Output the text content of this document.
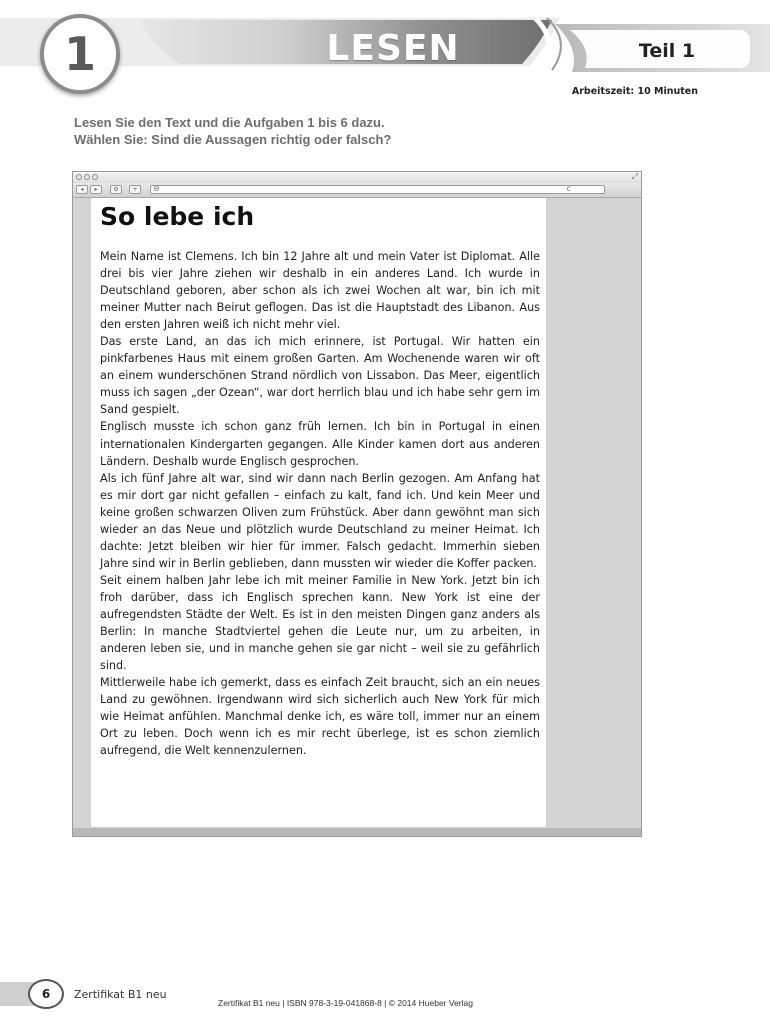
1	LESEN	Teil 1
Arbeitszeit: 10 Minuten
Lesen Sie den Text und die Aufgaben 1 bis 6 dazu.
Wählen Sie: Sind die Aussagen richtig oder falsch?
⤢
◂	▸	⚙	+	⊖	c
So lebe ich

Mein Name ist Clemens. Ich bin 12 Jahre alt und mein Vater ist Diplomat. Alle drei bis vier Jahre ziehen wir deshalb in ein anderes Land. Ich wurde in Deutschland geboren, aber schon als ich zwei Wochen alt war, bin ich mit meiner Mutter nach Beirut geflogen. Das ist die Hauptstadt des Libanon. Aus den ersten Jahren weiß ich nicht mehr viel.

Das erste Land, an das ich mich erinnere, ist Portugal. Wir hatten ein pinkfarbenes Haus mit einem großen Garten. Am Wochenende waren wir oft an einem wunderschönen Strand nördlich von Lissabon. Das Meer, eigentlich muss ich sagen „der Ozean“, war dort herrlich blau und ich habe sehr gern im Sand gespielt.

Englisch musste ich schon ganz früh lernen. Ich bin in Portugal in einen internationalen Kindergarten gegangen. Alle Kinder kamen dort aus anderen Ländern. Deshalb wurde Englisch gesprochen.

Als ich fünf Jahre alt war, sind wir dann nach Berlin gezogen. Am Anfang hat es mir dort gar nicht gefallen – einfach zu kalt, fand ich. Und kein Meer und keine großen schwarzen Oliven zum Frühstück. Aber dann gewöhnt man sich wieder an das Neue und plötzlich wurde Deutschland zu meiner Heimat. Ich dachte: Jetzt bleiben wir hier für immer. Falsch gedacht. Immerhin sieben Jahre sind wir in Berlin geblieben, dann mussten wir wieder die Koffer packen.

Seit einem halben Jahr lebe ich mit meiner Familie in New York. Jetzt bin ich froh darüber, dass ich Englisch sprechen kann. New York ist eine der aufregendsten Städte der Welt. Es ist in den meisten Dingen ganz anders als Berlin: In manche Stadtviertel gehen die Leute nur, um zu arbeiten, in anderen leben sie, und in manche gehen sie gar nicht – weil sie zu gefährlich sind.

Mittlerweile habe ich gemerkt, dass es einfach Zeit braucht, sich an ein neues Land zu gewöhnen. Irgendwann wird sich sicherlich auch New York für mich wie Heimat anfühlen. Manchmal denke ich, es wäre toll, immer nur an einem Ort zu leben. Doch wenn ich es mir recht überlege, ist es schon ziemlich aufregend, die Welt kennenzulernen.

6	Zertifikat B1 neu
Zertifikat B1 neu | ISBN 978-3-19-041868-8 | © 2014 Hueber Verlag
